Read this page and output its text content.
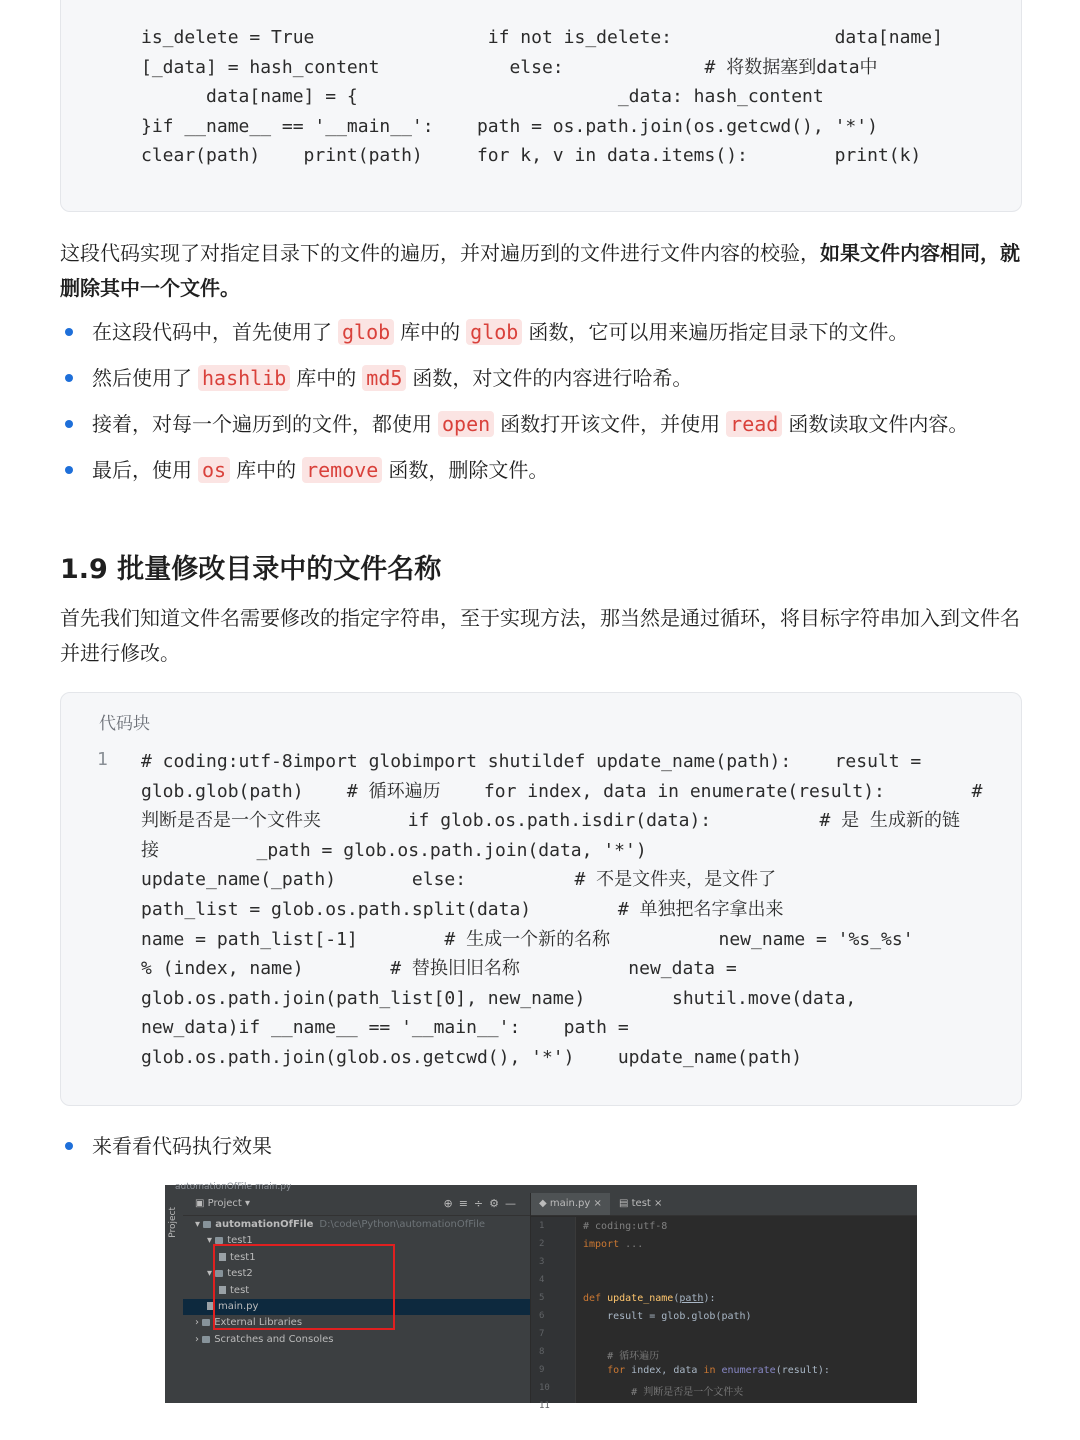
is_delete = True                if not is_delete:               data[name]
[_data] = hash_content            else:             # 将数据塞到data中
data[name] = {                        _data: hash_content
}if __name__ == '__main__':    path = os.path.join(os.getcwd(), '*')
clear(path)    print(path)     for k, v in data.items():        print(k)
这段代码实现了对指定目录下的文件的遍历，并对遍历到的文件进行文件内容的校验，如果文件内容相同，就删除其中一个文件。
在这段代码中，首先使用了 glob 库中的 glob 函数，它可以用来遍历指定目录下的文件。
然后使用了 hashlib 库中的 md5 函数，对文件的内容进行哈希。
接着，对每一个遍历到的文件，都使用 open 函数打开该文件，并使用 read 函数读取文件内容。
最后，使用 os 库中的 remove 函数，删除文件。
1.9 批量修改目录中的文件名称
首先我们知道文件名需要修改的指定字符串，至于实现方法，那当然是通过循环，将目标字符串加入到文件名并进行修改。
代码块
1 # coding:utf-8import globimport shutildef update_name(path):    result =
glob.glob(path)    # 循环遍历    for index, data in enumerate(result):        #
判断是否是一个文件夹        if glob.os.path.isdir(data):          # 是 生成新的链
接         _path = glob.os.path.join(data, '*')
update_name(_path)       else:          # 不是文件夹，是文件了
path_list = glob.os.path.split(data)        # 单独把名字拿出来
name = path_list[-1]        # 生成一个新的名称          new_name = '%s_%s'
% (index, name)        # 替换旧旧名称          new_data =
glob.os.path.join(path_list[0], new_name)        shutil.move(data,
new_data)if __name__ == '__main__':    path =
glob.os.path.join(glob.os.getcwd(), '*')    update_name(path)
来看看代码执行效果
automationOfFile main.py
Project
▣ Project ▾	⊕≡÷⚙—
▾ automationOfFile D:\code\Python\automationOfFile
▾ test1
test1
▾ test2
test
main.py
› External Libraries
› Scratches and Consoles
◆ main.py ×	▤ test ×
1
2
3
4
5
6
7
8
9
10
11
# coding:utf-8
import ...
def update_name(path):
result = glob.glob(path)
# 循环遍历
for index, data in enumerate(result):
# 判断是否是一个文件夹
